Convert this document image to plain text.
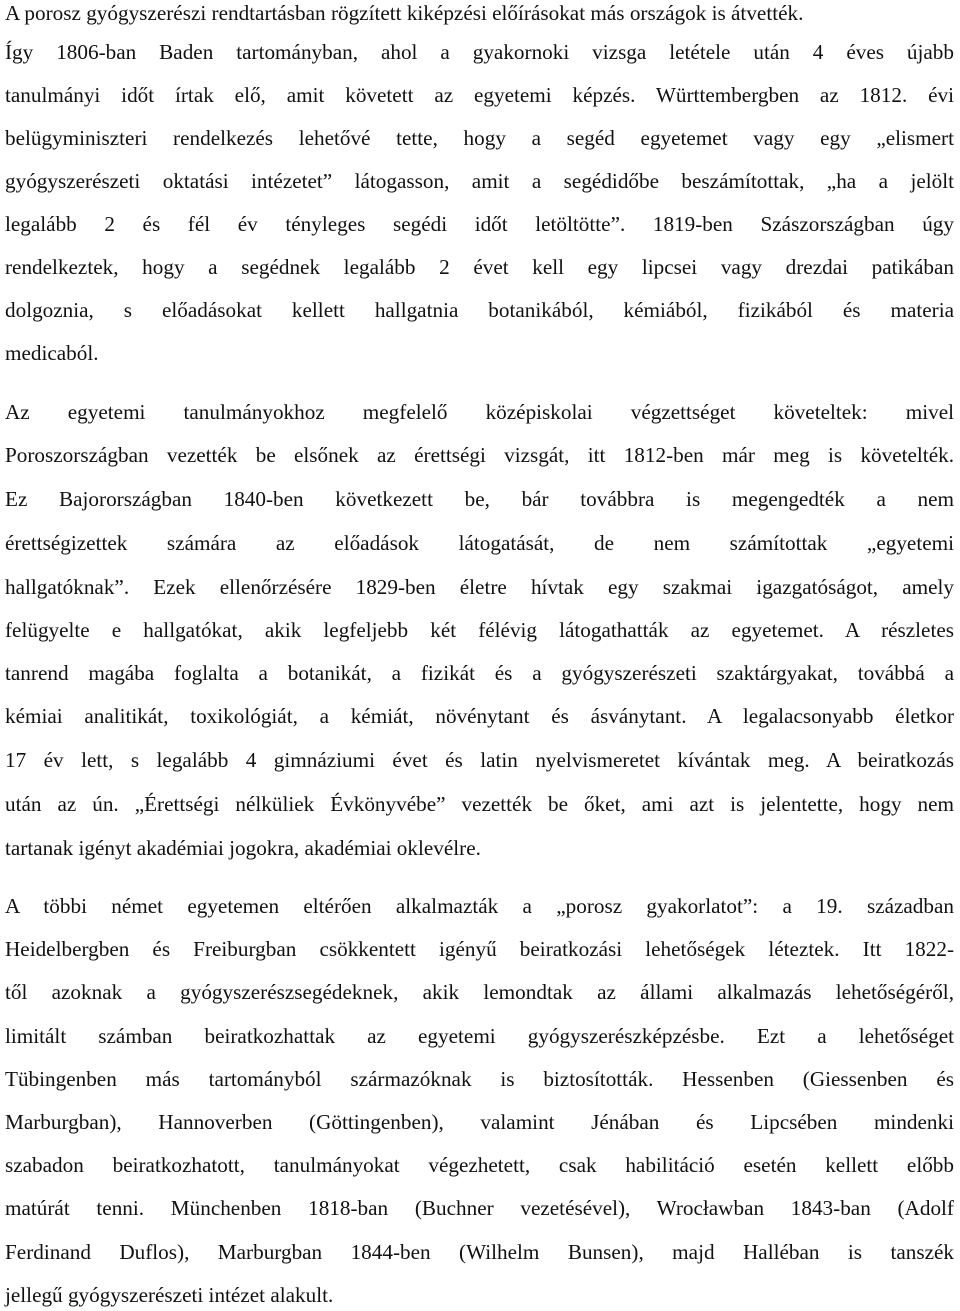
A porosz gyógyszerészi rendtartásban rögzített kiképzési előírásokat más országok is átvették.
Így 1806-ban Baden tartományban, ahol a gyakornoki vizsga letétele után 4 éves újabb
tanulmányi időt írtak elő, amit követett az egyetemi képzés. Württembergben az 1812. évi
belügyminiszteri rendelkezés lehetővé tette, hogy a segéd egyetemet vagy egy „elismert
gyógyszerészeti oktatási intézetet” látogasson, amit a segédidőbe beszámítottak, „ha a jelölt
legalább 2 és fél év tényleges segédi időt letöltötte”. 1819-ben Szászországban úgy
rendelkeztek, hogy a segédnek legalább 2 évet kell egy lipcsei vagy drezdai patikában
dolgoznia, s előadásokat kellett hallgatnia botanikából, kémiából, fizikából és materia
medicaból.
Az egyetemi tanulmányokhoz megfelelő középiskolai végzettséget követeltek: mivel
Poroszországban vezették be elsőnek az érettségi vizsgát, itt 1812-ben már meg is követelték.
Ez Bajorországban 1840-ben következett be, bár továbbra is megengedték a nem
érettségizettek számára az előadások látogatását, de nem számítottak „egyetemi
hallgatóknak”. Ezek ellenőrzésére 1829-ben életre hívtak egy szakmai igazgatóságot, amely
felügyelte e hallgatókat, akik legfeljebb két félévig látogathatták az egyetemet. A részletes
tanrend magába foglalta a botanikát, a fizikát és a gyógyszerészeti szaktárgyakat, továbbá a
kémiai analitikát, toxikológiát, a kémiát, növénytant és ásványtant. A legalacsonyabb életkor
17 év lett, s legalább 4 gimnáziumi évet és latin nyelvismeretet kívántak meg. A beiratkozás
után az ún. „Érettségi nélküliek Évkönyvébe” vezették be őket, ami azt is jelentette, hogy nem
tartanak igényt akadémiai jogokra, akadémiai oklevélre.
A többi német egyetemen eltérően alkalmazták a „porosz gyakorlatot”: a 19. században
Heidelbergben és Freiburgban csökkentett igényű beiratkozási lehetőségek léteztek. Itt 1822-
től azoknak a gyógyszerészsegédeknek, akik lemondtak az állami alkalmazás lehetőségéről,
limitált számban beiratkozhattak az egyetemi gyógyszerészképzésbe. Ezt a lehetőséget
Tübingenben más tartományból származóknak is biztosították. Hessenben (Giessenben és
Marburgban), Hannoverben (Göttingenben), valamint Jénában és Lipcsében mindenki
szabadon beiratkozhatott, tanulmányokat végezhetett, csak habilitáció esetén kellett előbb
matúrát tenni. Münchenben 1818-ban (Buchner vezetésével), Wrocławban 1843-ban (Adolf
Ferdinand Duflos), Marburgban 1844-ben (Wilhelm Bunsen), majd Halléban is tanszék
jellegű gyógyszerészeti intézet alakult.
